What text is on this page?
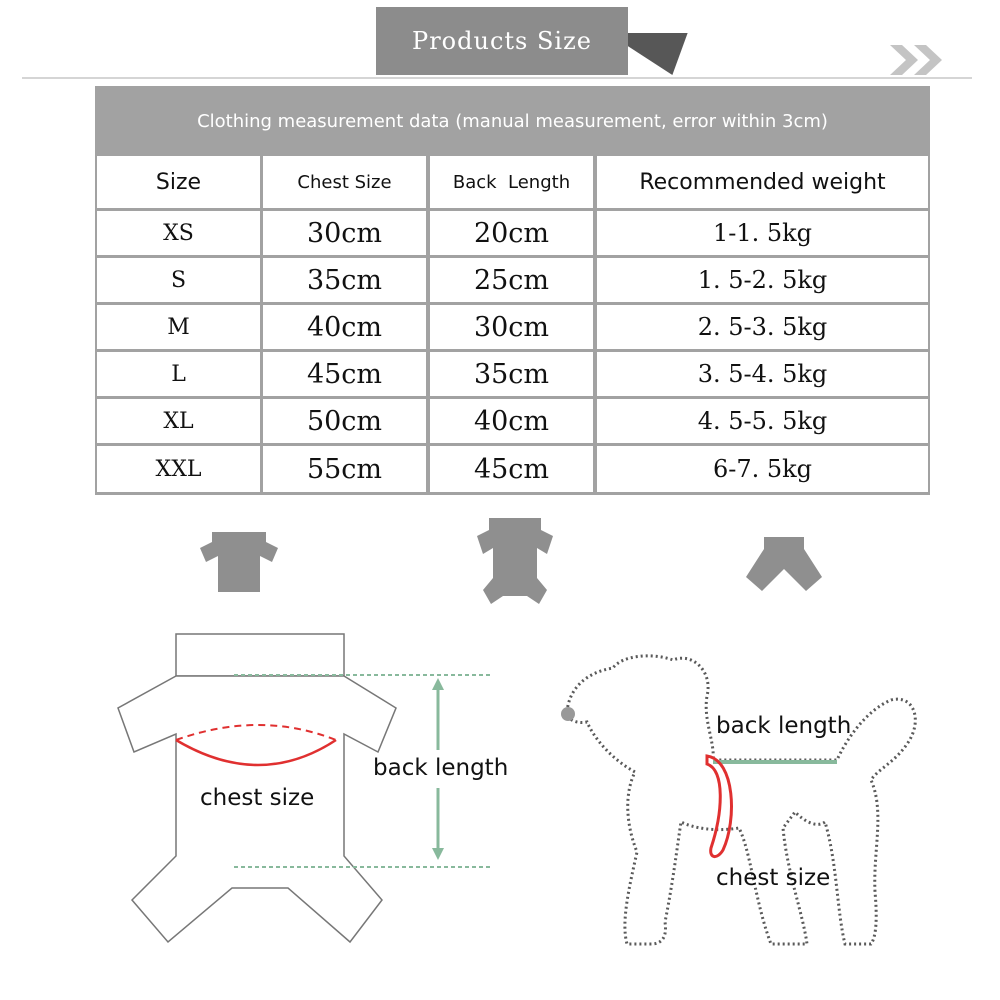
Products Size
Clothing measurement data (manual measurement, error within 3cm)
Size	Chest Size	Back  Length	Recommended weight
XS	30cm	20cm	1-1. 5kg
S	35cm	25cm	1. 5-2. 5kg
M	40cm	30cm	2. 5-3. 5kg
L	45cm	35cm	3. 5-4. 5kg
XL	50cm	40cm	4. 5-5. 5kg
XXL	55cm	45cm	6-7. 5kg
back length
chest size
back length
chest size
